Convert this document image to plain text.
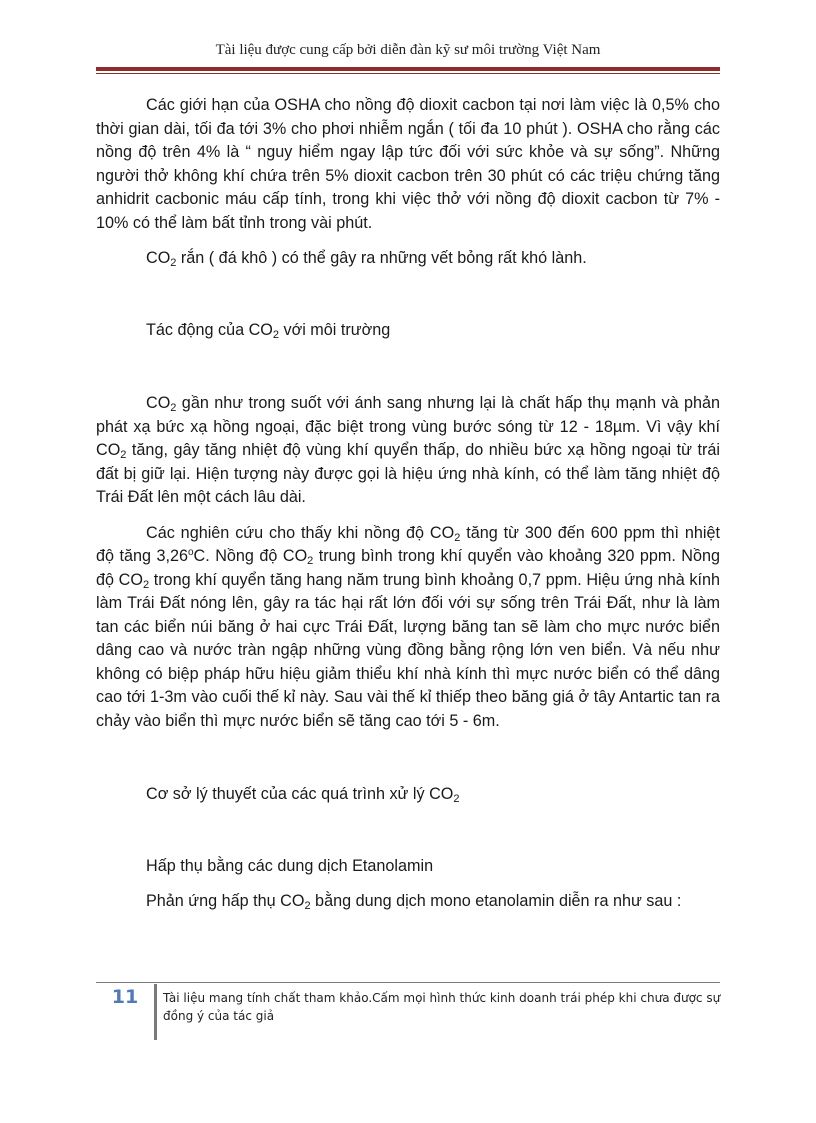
Tài liệu được cung cấp bởi diễn đàn kỹ sư môi trường Việt Nam

Các giới hạn của OSHA cho nồng độ dioxit cacbon tại nơi làm việc là 0,5% cho thời gian dài, tối đa tới 3% cho phơi nhiễm ngắn ( tối đa 10 phút ). OSHA cho rằng các nồng độ trên 4% là “ nguy hiểm ngay lập tức đối với sức khỏe và sự sống”. Những người thở không khí chứa trên 5% dioxit cacbon trên 30 phút có các triệu chứng tăng anhidrit cacbonic máu cấp tính, trong khi việc thở với nồng độ dioxit cacbon từ 7% - 10% có thể làm bất tỉnh trong vài phút.

$CO_2$ rắn ( đá khô ) có thể gây ra những vết bỏng rất khó lành.

Tác động của $CO_2$ với môi trường

$CO_2$ gần như trong suốt với ánh sang nhưng lại là chất hấp thụ mạnh và phản phát xạ bức xạ hồng ngoại, đặc biệt trong vùng bước sóng từ 12 - 18µm. Vì vậy khí $CO_2$ tăng, gây tăng nhiệt độ vùng khí quyển thấp, do nhiều bức xạ hồng ngoại từ trái đất bị giữ lại. Hiện tượng này được gọi là hiệu ứng nhà kính, có thể làm tăng nhiệt độ Trái Đất lên một cách lâu dài.

Các nghiên cứu cho thấy khi nồng độ $CO_2$ tăng từ 300 đến 600 ppm thì nhiệt độ tăng 3,26$^o$C. Nồng độ $CO_2$ trung bình trong khí quyển vào khoảng 320 ppm. Nồng độ $CO_2$ trong khí quyển tăng hang năm trung bình khoảng 0,7 ppm. Hiệu ứng nhà kính làm Trái Đất nóng lên, gây ra tác hại rất lớn đối với sự sống trên Trái Đất, như là làm tan các biển núi băng ở hai cực Trái Đất, lượng băng tan sẽ làm cho mực nước biển dâng cao và nước tràn ngập những vùng đồng bằng rộng lớn ven biển. Và nếu như không có biệp pháp hữu hiệu giảm thiểu khí nhà kính thì mực nước biển có thể dâng cao tới 1-3m vào cuối thế kỉ này. Sau vài thế kỉ thiếp theo băng giá ở tây Antartic tan ra chảy vào biển thì mực nước biển sẽ tăng cao tới 5 - 6m.

Cơ sở lý thuyết của các quá trình xử lý $CO_2$

Hấp thụ bằng các dung dịch Etanolamin

Phản ứng hấp thụ $CO_2$ bằng dung dịch mono etanolamin diễn ra như sau :

11	Tài liệu mang tính chất tham khảo.Cấm mọi hình thức kinh doanh trái phép khi chưa được sự đồng ý của tác giả
